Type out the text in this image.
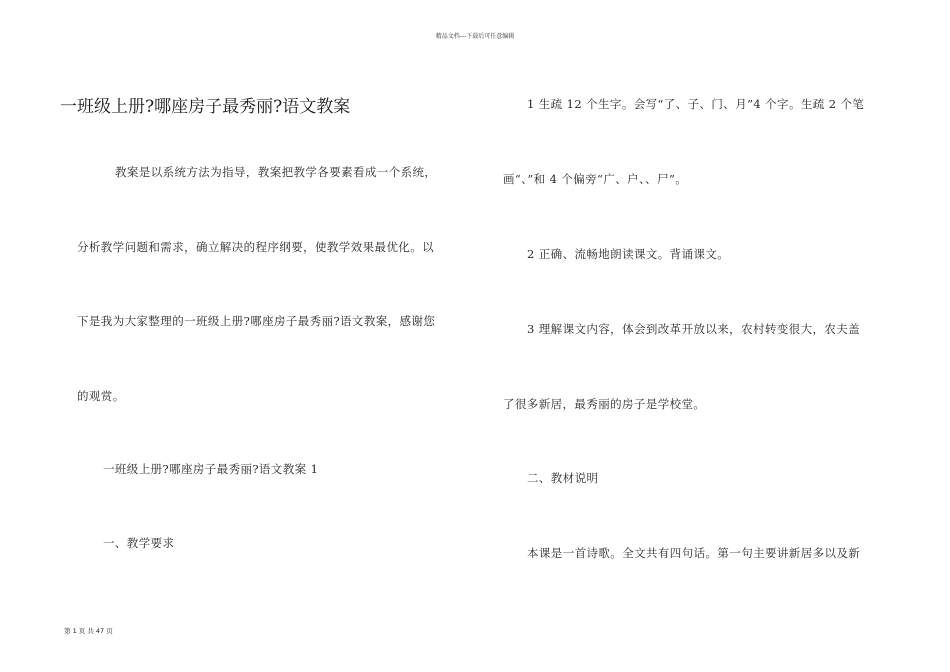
精品文档---下载后可任意编辑
一班级上册?哪座房子最秀丽?语文教案
教案是以系统方法为指导，教案把教学各要素看成一个系统，
分析教学问题和需求，确立解决的程序纲要，使教学效果最优化。以
下是我为大家整理的一班级上册?哪座房子最秀丽?语文教案，感谢您
的观赏。
一班级上册?哪座房子最秀丽?语文教案 1
一、教学要求
1 生疏 12 个生字。会写“了、子、门、月”4 个字。生疏 2 个笔
画“、”和 4 个偏旁“广、户、、尸”。
2 正确、流畅地朗读课文。背诵课文。
3 理解课文内容，体会到改革开放以来，农村转变很大，农夫盖
了很多新居，最秀丽的房子是学校堂。
二、教材说明
本课是一首诗歌。全文共有四句话。第一句主要讲新居多以及新
第 1 页 共 47 页
